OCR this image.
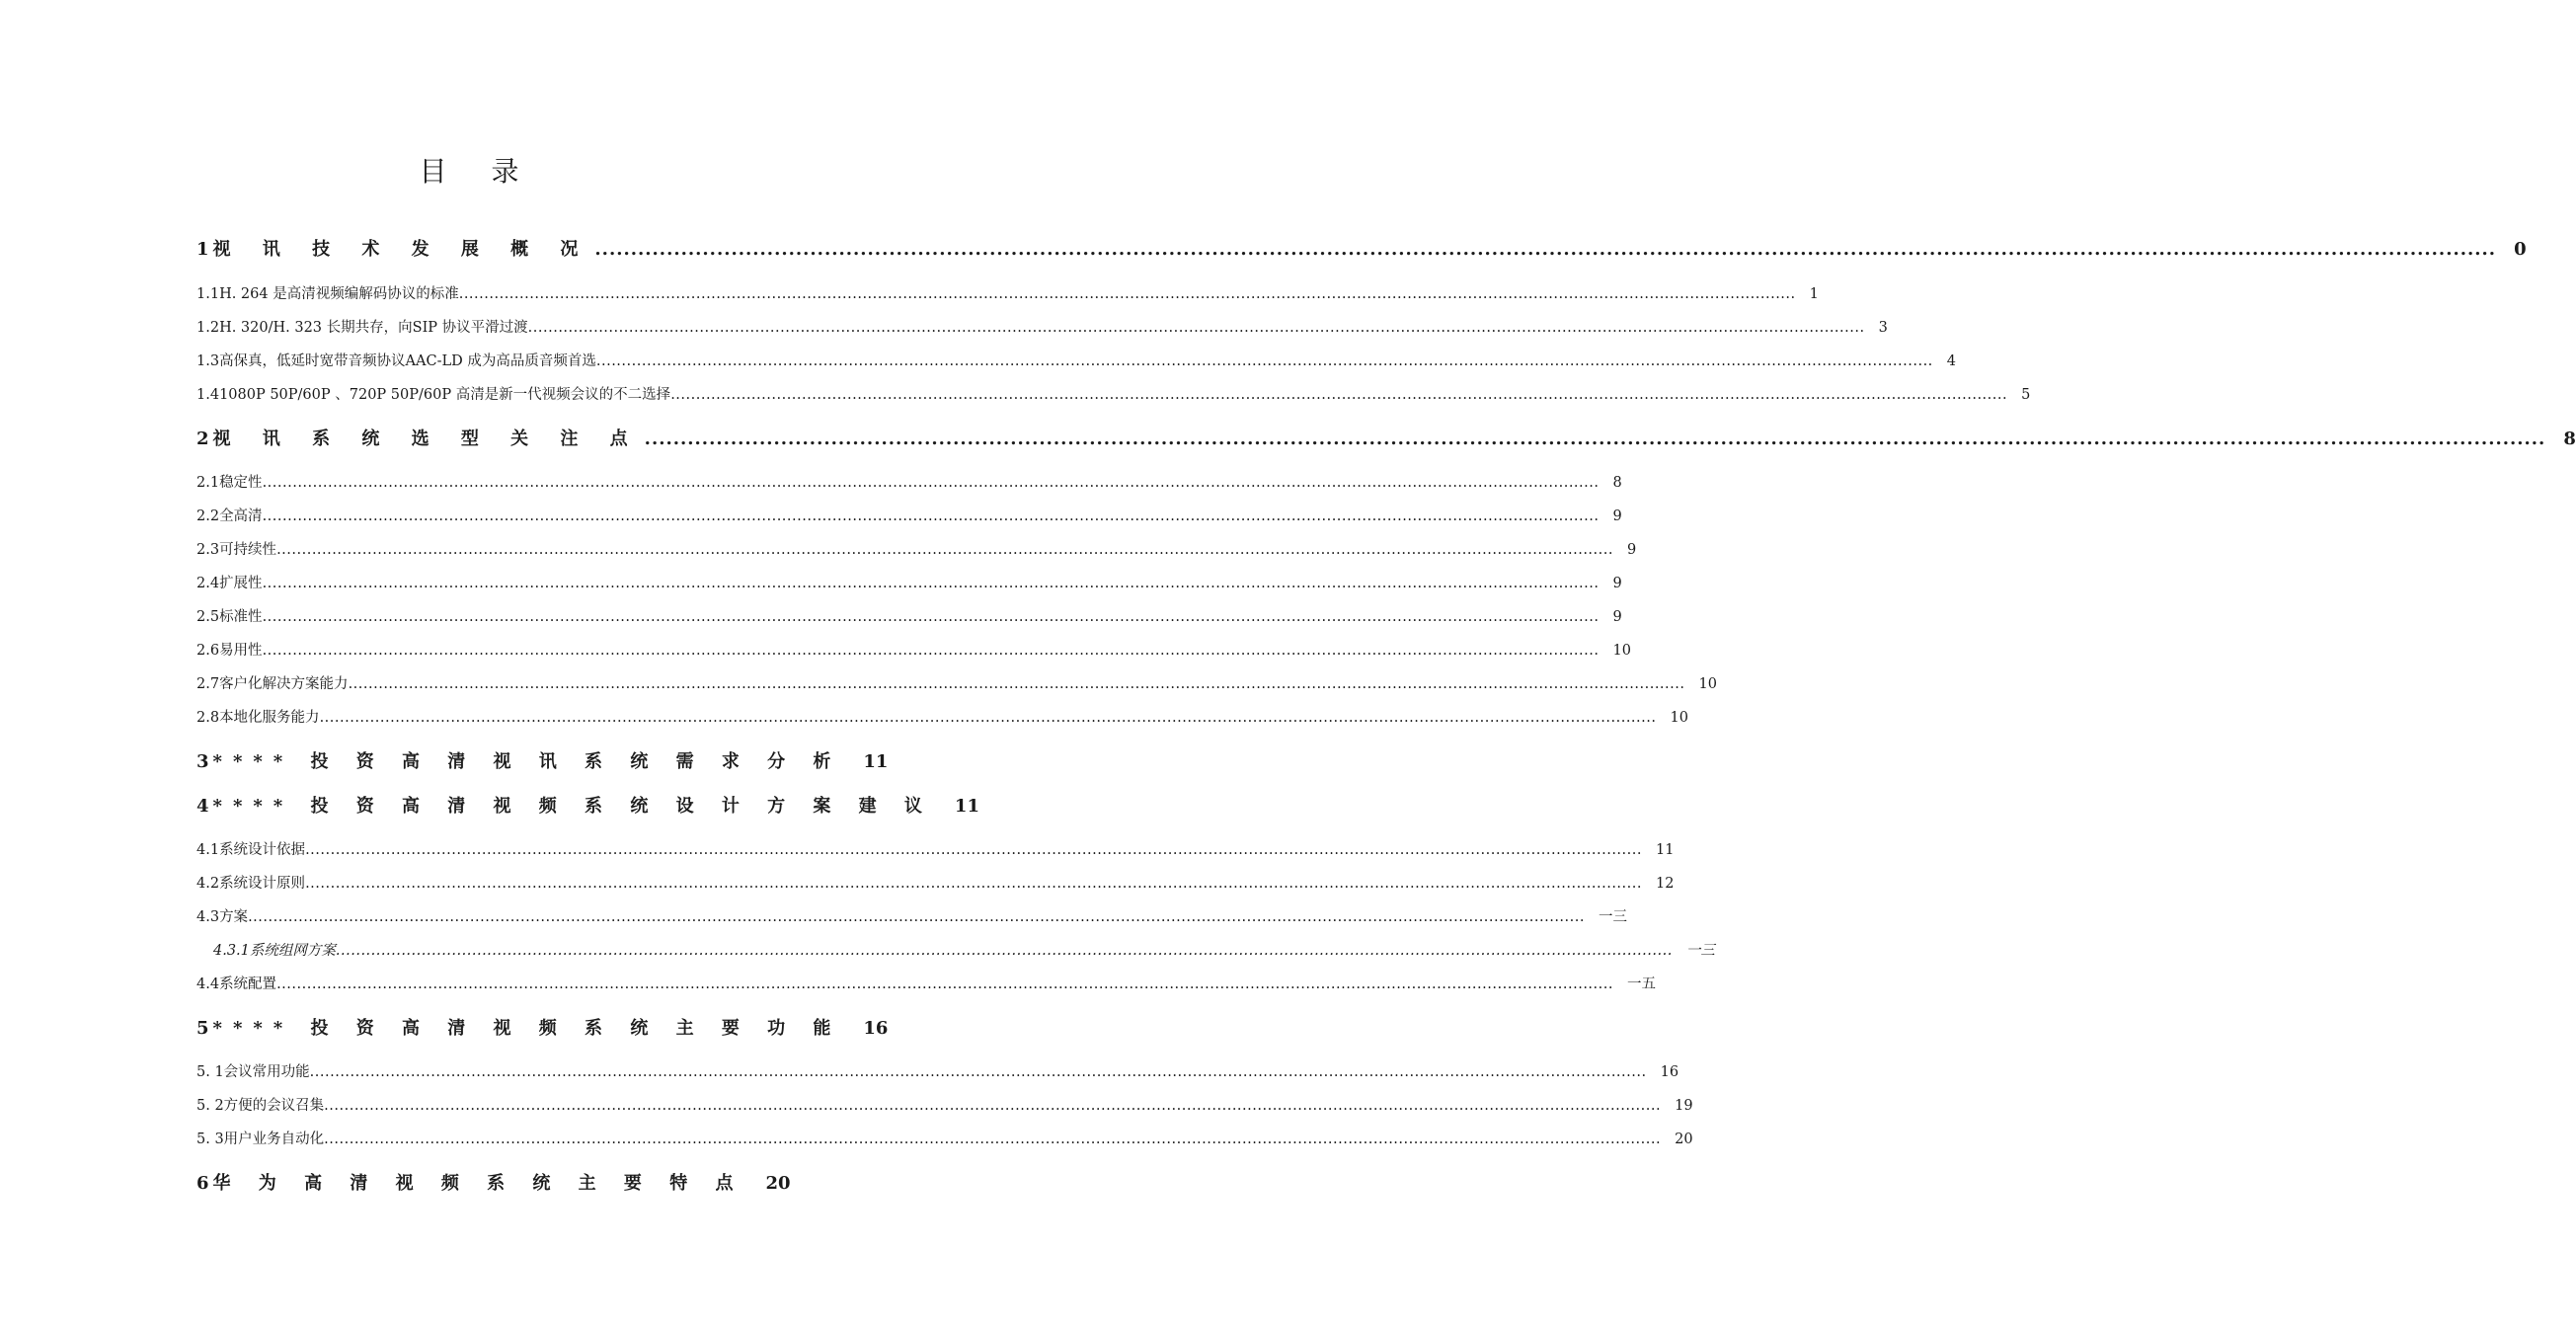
目 录
1 视 讯 技 术 发 展 概 况 .....	0
1.1 H. 264 是高清视频编解码协议的标准 .....	1
1.2 H. 320/H. 323 长期共存，向SIP 协议平滑过渡 .....	3
1.3 高保真，低延时宽带音频协议AAC-LD 成为高品质音频首选 .....	4
1.4 1080P 50P/60P 、720P 50P/60P 高清是新一代视频会议的不二选择 .....	5
2 视 讯 系 统 选 型 关 注 点 .....	8
2.1 稳定性 .....	8
2.2 全高清 .....	9
2.3 可持续性 .....	9
2.4 扩展性 .....	9
2.5 标准性 .....	9
2.6 易用性 .....	10
2.7 客户化解决方案能力 .....	10
2.8 本地化服务能力 .....	10
3 **** 投 资 高 清 视 讯 系 统 需 求 分 析 11
4 **** 投 资 高 清 视 频 系 统 设 计 方 案 建 议 11
4.1 系统设计依据 .....	11
4.2 系统设计原则 .....	12
4.3 方案 .....	一三
4.3.1 系统组网方案 .....	一三
4.4 系统配置 .....	一五
5 **** 投 资 高 清 视 频 系 统 主 要 功 能 16
5. 1 会议常用功能 .....	16
5. 2 方便的会议召集 .....	19
5. 3 用户业务自动化 .....	20
6 华 为 高 清 视 频 系 统 主 要 特 点 20
